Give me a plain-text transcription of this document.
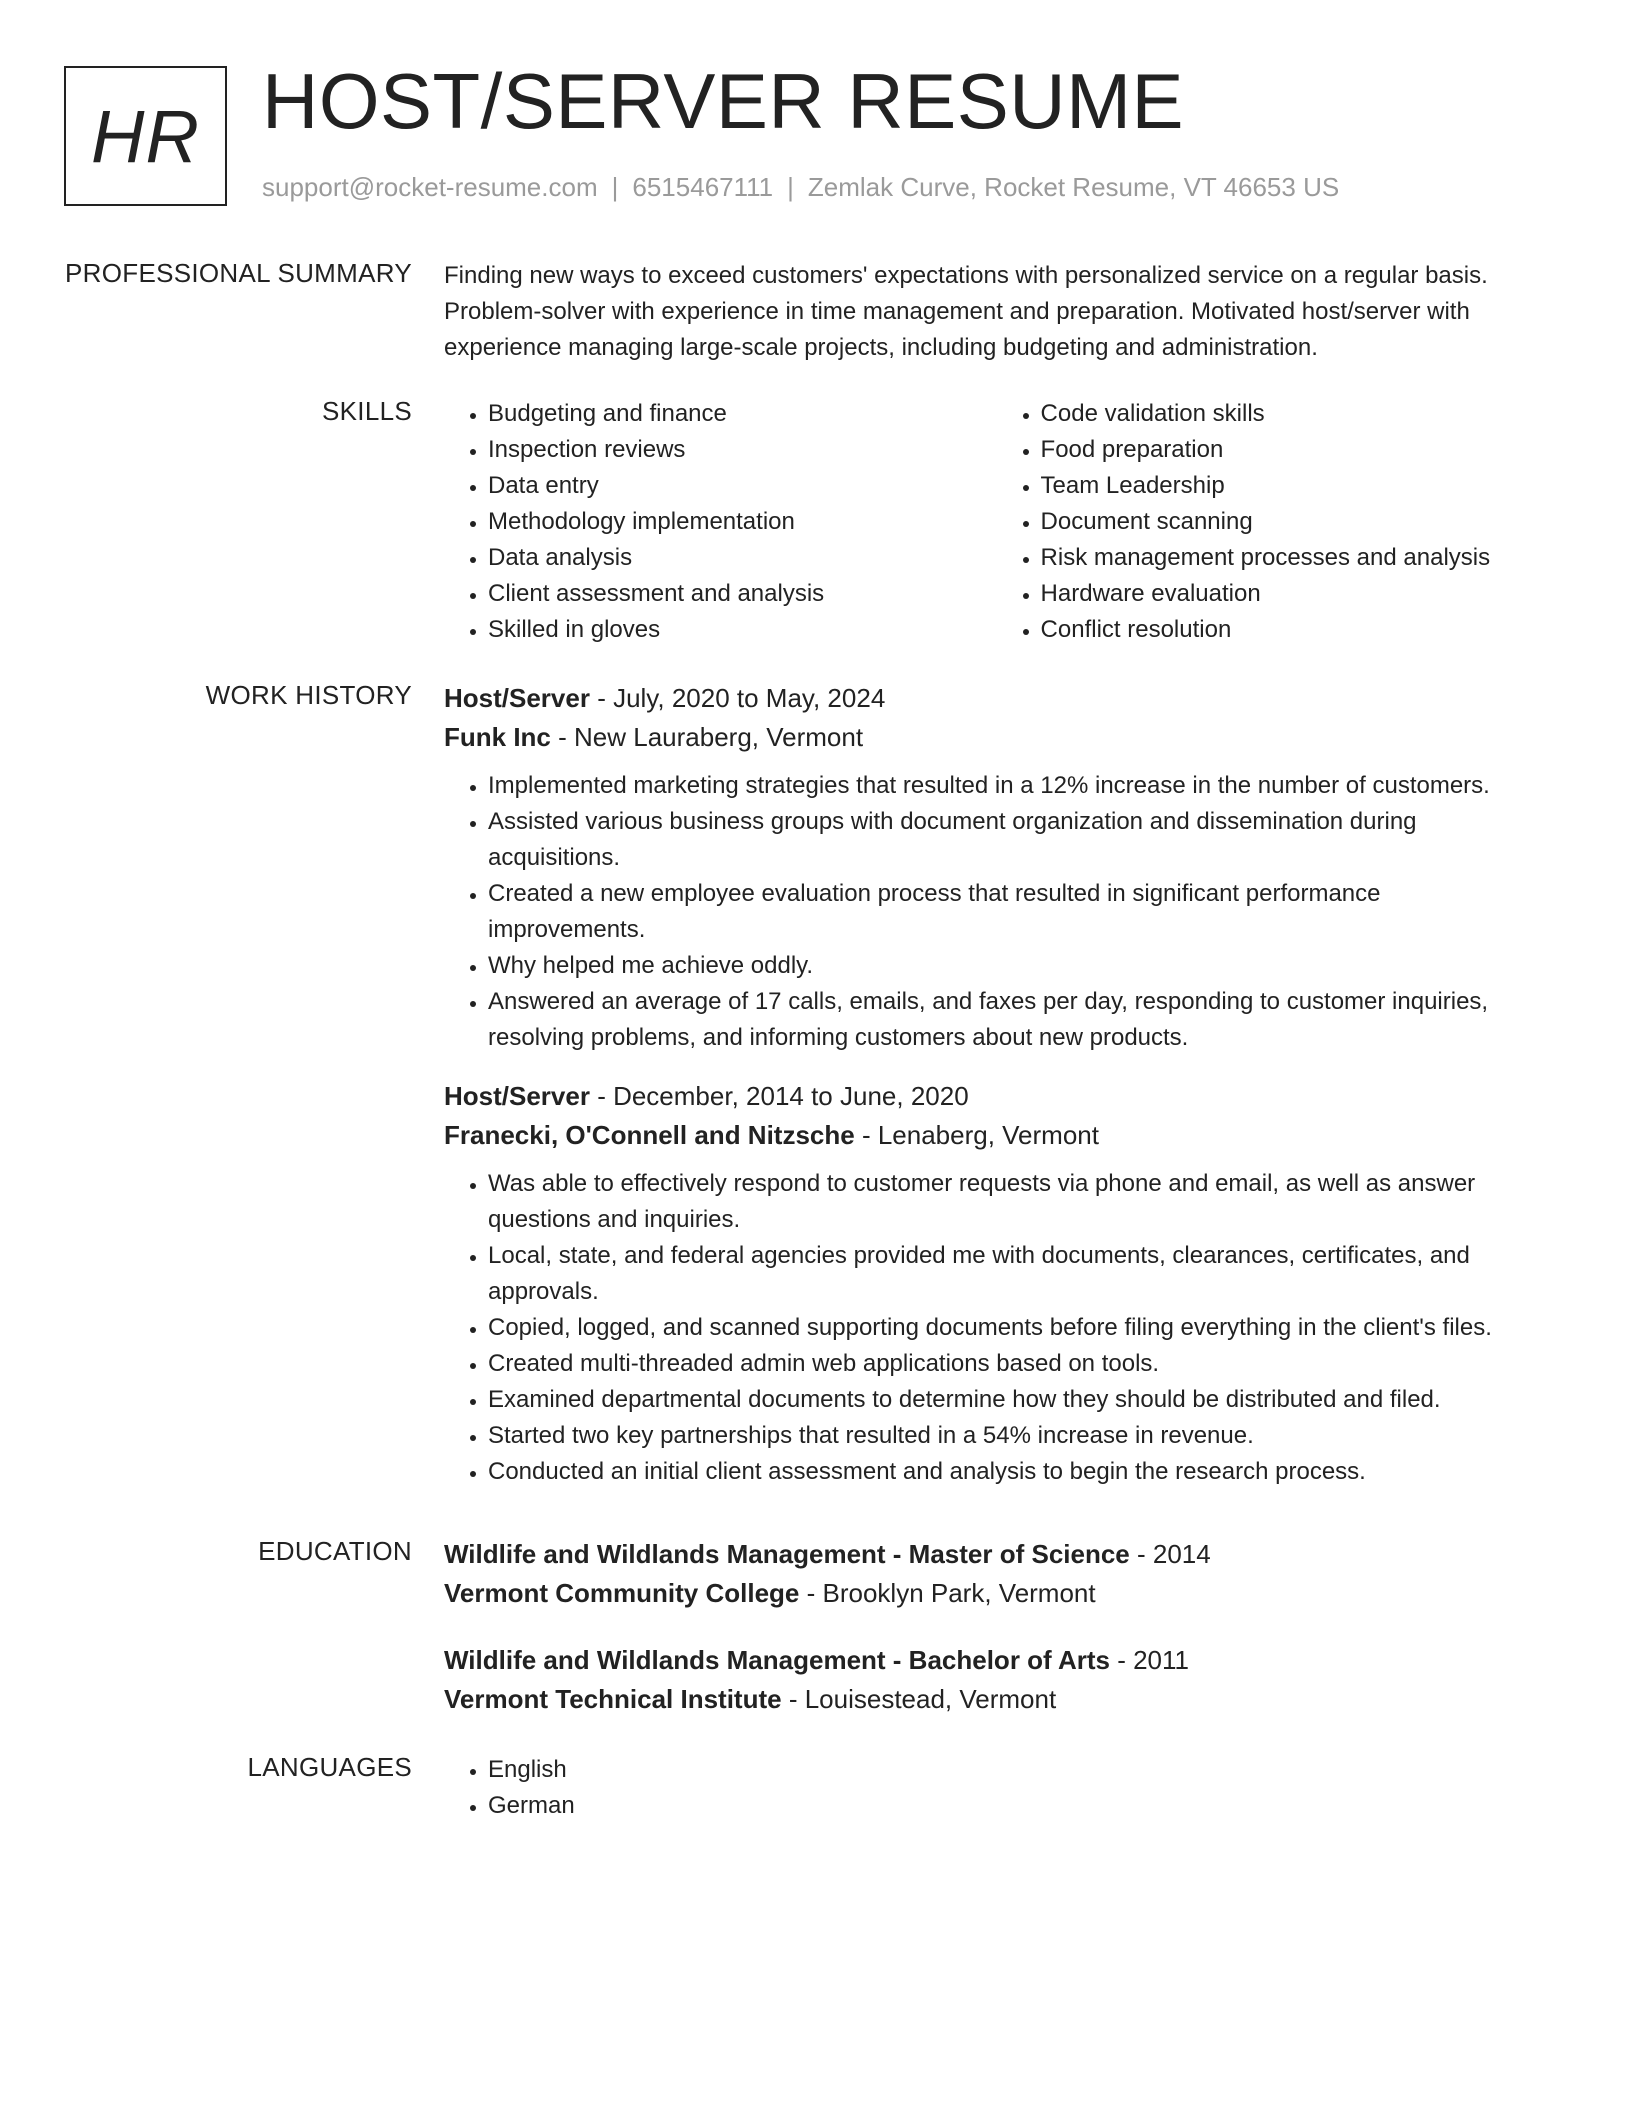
HR HOST/SERVER RESUME
support@rocket-resume.com | 6515467111 | Zemlak Curve, Rocket Resume, VT 46653 US
PROFESSIONAL SUMMARY Finding new ways to exceed customers' expectations with personalized service on a regular basis. Problem-solver with experience in time management and preparation. Motivated host/server with experience managing large-scale projects, including budgeting and administration.

SKILLS	• Budgeting and finance
• Inspection reviews
• Data entry
• Methodology implementation
• Data analysis
• Client assessment and analysis
• Skilled in gloves
• Code validation skills
• Food preparation
• Team Leadership
• Document scanning
• Risk management processes and analysis
• Hardware evaluation
• Conflict resolution
WORK HISTORY Host/Server - July, 2020 to May, 2024
Funk Inc - New Lauraberg, Vermont
• Implemented marketing strategies that resulted in a 12% increase in the number of customers.
• Assisted various business groups with document organization and dissemination during acquisitions.
• Created a new employee evaluation process that resulted in significant performance improvements.
• Why helped me achieve oddly.
• Answered an average of 17 calls, emails, and faxes per day, responding to customer inquiries, resolving problems, and informing customers about new products.
Host/Server - December, 2014 to June, 2020
Franecki, O'Connell and Nitzsche - Lenaberg, Vermont
• Was able to effectively respond to customer requests via phone and email, as well as answer questions and inquiries.
• Local, state, and federal agencies provided me with documents, clearances, certificates, and approvals.
• Copied, logged, and scanned supporting documents before filing everything in the client's files.
• Created multi-threaded admin web applications based on tools.
• Examined departmental documents to determine how they should be distributed and filed.
• Started two key partnerships that resulted in a 54% increase in revenue.
• Conducted an initial client assessment and analysis to begin the research process.
EDUCATION Wildlife and Wildlands Management - Master of Science - 2014
Vermont Community College - Brooklyn Park, Vermont
Wildlife and Wildlands Management - Bachelor of Arts - 2011
Vermont Technical Institute - Louisestead, Vermont
LANGUAGES	• English
• German
